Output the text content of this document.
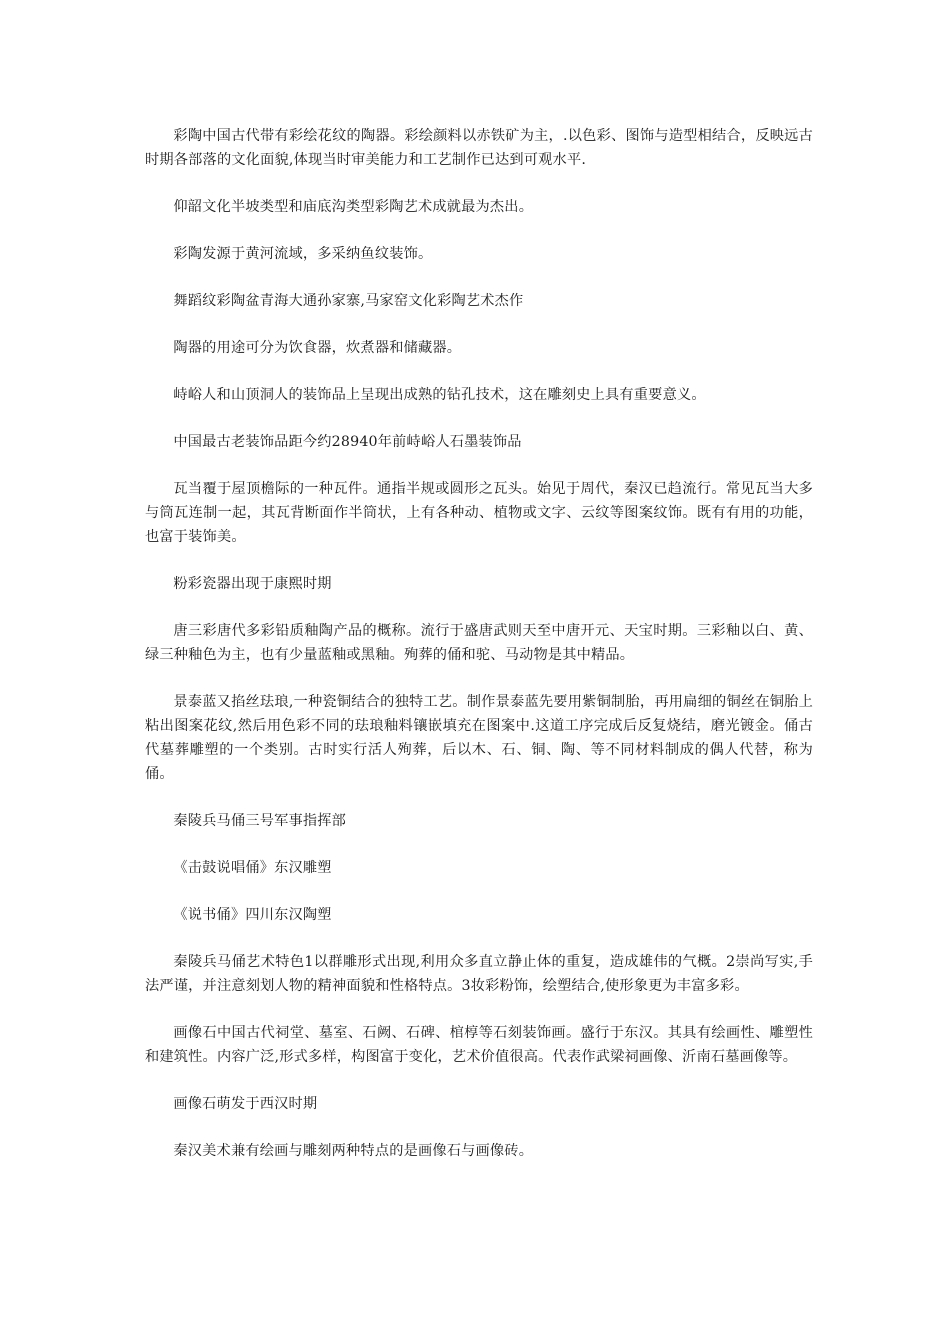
彩陶中国古代带有彩绘花纹的陶器。彩绘颜料以赤铁矿为主，.以色彩、图饰与造型相结合，反映远古时期各部落的文化面貌,体现当时审美能力和工艺制作已达到可观水平.

仰韶文化半坡类型和庙底沟类型彩陶艺术成就最为杰出。

彩陶发源于黄河流域，多采纳鱼纹装饰。

舞蹈纹彩陶盆青海大通孙家寨,马家窑文化彩陶艺术杰作

陶器的用途可分为饮食器，炊煮器和储藏器。

峙峪人和山顶洞人的装饰品上呈现出成熟的钻孔技术，这在雕刻史上具有重要意义。

中国最古老装饰品距今约28940年前峙峪人石墨装饰品

瓦当覆于屋顶檐际的一种瓦件。通指半规或圆形之瓦头。始见于周代，秦汉已趋流行。常见瓦当大多与筒瓦连制一起，其瓦背断面作半筒状，上有各种动、植物或文字、云纹等图案纹饰。既有有用的功能，也富于装饰美。

粉彩瓷器出现于康熙时期

唐三彩唐代多彩铅质釉陶产品的概称。流行于盛唐武则天至中唐开元、天宝时期。三彩釉以白、黄、绿三种釉色为主，也有少量蓝釉或黑釉。殉葬的俑和驼、马动物是其中精品。

景泰蓝又掐丝珐琅,一种瓷铜结合的独特工艺。制作景泰蓝先要用紫铜制胎，再用扁细的铜丝在铜胎上粘出图案花纹,然后用色彩不同的珐琅釉料镶嵌填充在图案中.这道工序完成后反复烧结，磨光镀金。俑古代墓葬雕塑的一个类别。古时实行活人殉葬，后以木、石、铜、陶、等不同材料制成的偶人代替，称为俑。

秦陵兵马俑三号军事指挥部

《击鼓说唱俑》东汉雕塑

《说书俑》四川东汉陶塑

秦陵兵马俑艺术特色1以群雕形式出现,利用众多直立静止体的重复，造成雄伟的气概。2崇尚写实,手法严谨，并注意刻划人物的精神面貌和性格特点。3妆彩粉饰，绘塑结合,使形象更为丰富多彩。

画像石中国古代祠堂、墓室、石阙、石碑、棺椁等石刻装饰画。盛行于东汉。其具有绘画性、雕塑性和建筑性。内容广泛,形式多样，构图富于变化，艺术价值很高。代表作武梁祠画像、沂南石墓画像等。

画像石萌发于西汉时期

秦汉美术兼有绘画与雕刻两种特点的是画像石与画像砖。
